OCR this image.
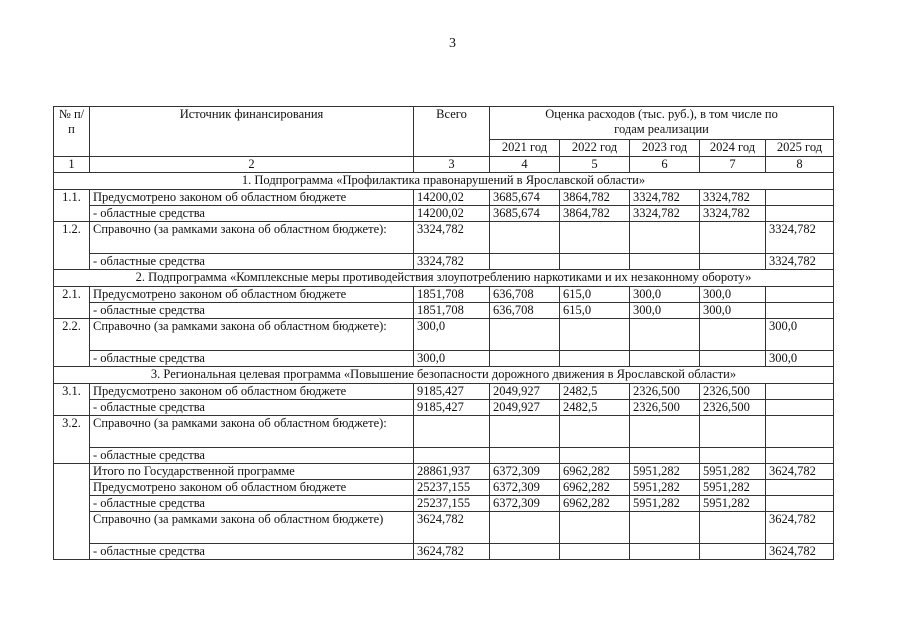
3
№ п/п	Источник финансирования	Всего	Оценка расходов (тыс. руб.), в том числе по годам реализации				
			2021 год	2022 год	2023 год	2024 год	2025 год
1	2	3	4	5	6	7	8
1. Подпрограмма «Профилактика правонарушений в Ярославской области»							
1.1.	Предусмотрено законом об областном бюджете	14200,02	3685,674	3864,782	3324,782	3324,782	
	- областные средства	14200,02	3685,674	3864,782	3324,782	3324,782	
1.2.	Справочно (за рамками закона об областном бюджете):	3324,782					3324,782
	- областные средства	3324,782					3324,782
2. Подпрограмма «Комплексные меры противодействия злоупотреблению наркотиками и их незаконному обороту»							
2.1.	Предусмотрено законом об областном бюджете	1851,708	636,708	615,0	300,0	300,0	
	- областные средства	1851,708	636,708	615,0	300,0	300,0	
2.2.	Справочно (за рамками закона об областном бюджете):	300,0					300,0
	- областные средства	300,0					300,0
3. Региональная целевая программа «Повышение безопасности дорожного движения в Ярославской области»							
3.1.	Предусмотрено законом об областном бюджете	9185,427	2049,927	2482,5	2326,500	2326,500	
	- областные средства	9185,427	2049,927	2482,5	2326,500	2326,500	
3.2.	Справочно (за рамками закона об областном бюджете):						
	- областные средства						
	Итого по Государственной программе	28861,937	6372,309	6962,282	5951,282	5951,282	3624,782
	Предусмотрено законом об областном бюджете	25237,155	6372,309	6962,282	5951,282	5951,282	
	- областные средства	25237,155	6372,309	6962,282	5951,282	5951,282	
	Справочно (за рамками закона об областном бюджете)	3624,782					3624,782
	- областные средства	3624,782					3624,782
